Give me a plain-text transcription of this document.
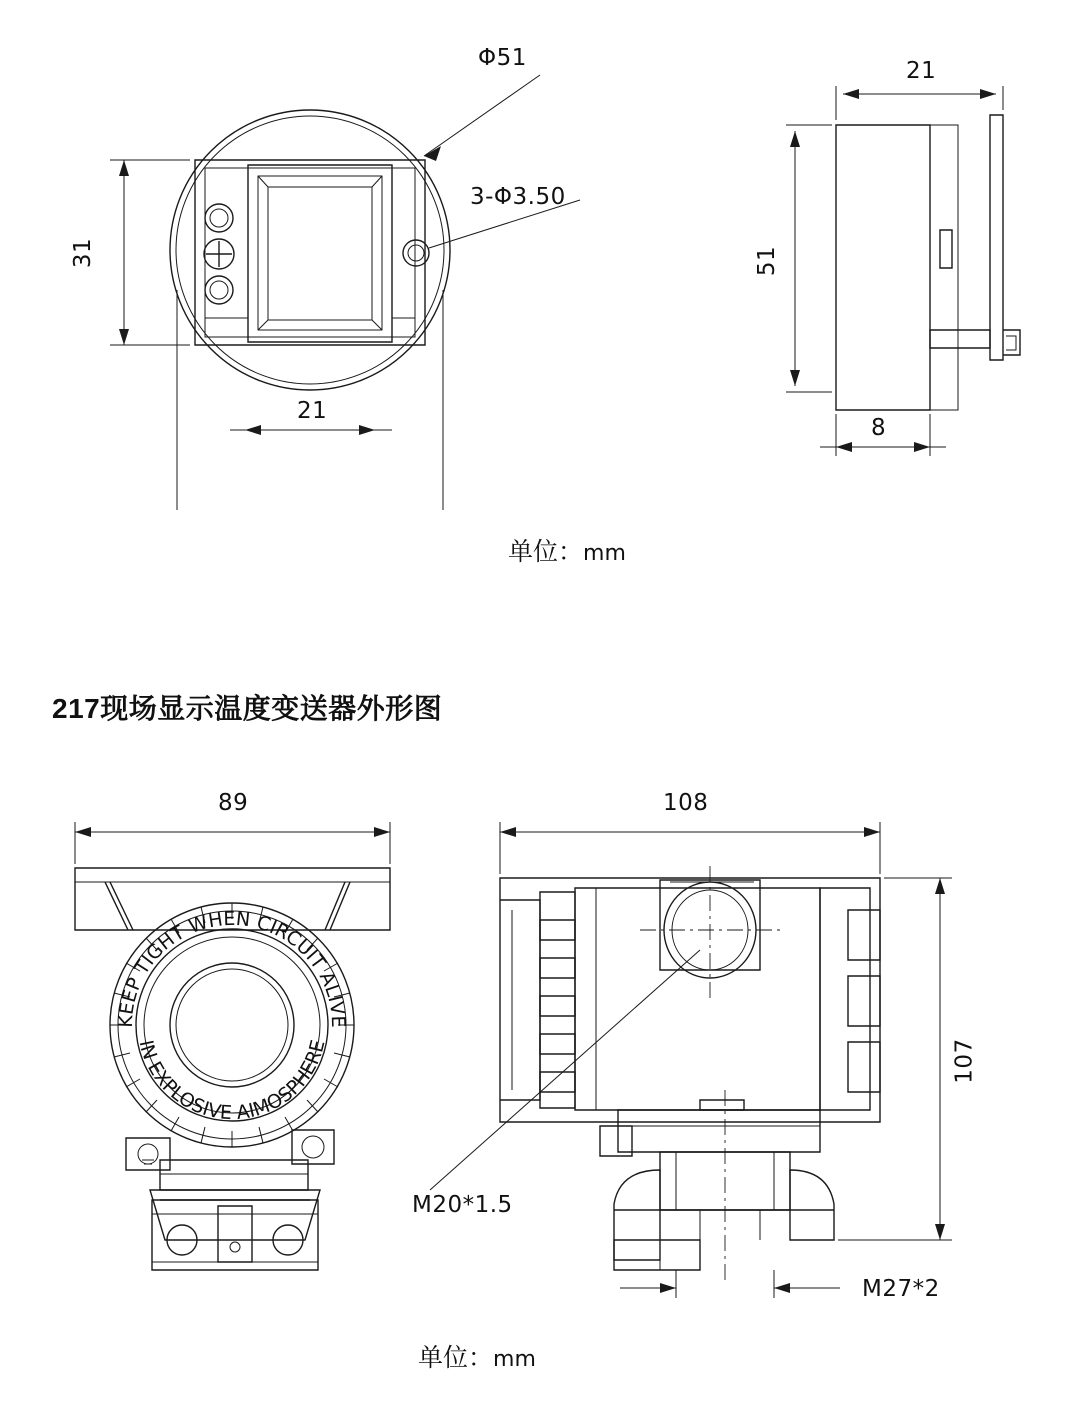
Φ51
3-Φ3.50
31
21
21
51
8
单位：mm
217现场显示温度变送器外形图
KEEP TIGHT WHEN CIRCUIT ALIVE
IN EXPLOSIVE AIMOSPHERE
89	108
107
M20*1.5
M27*2
单位：mm
